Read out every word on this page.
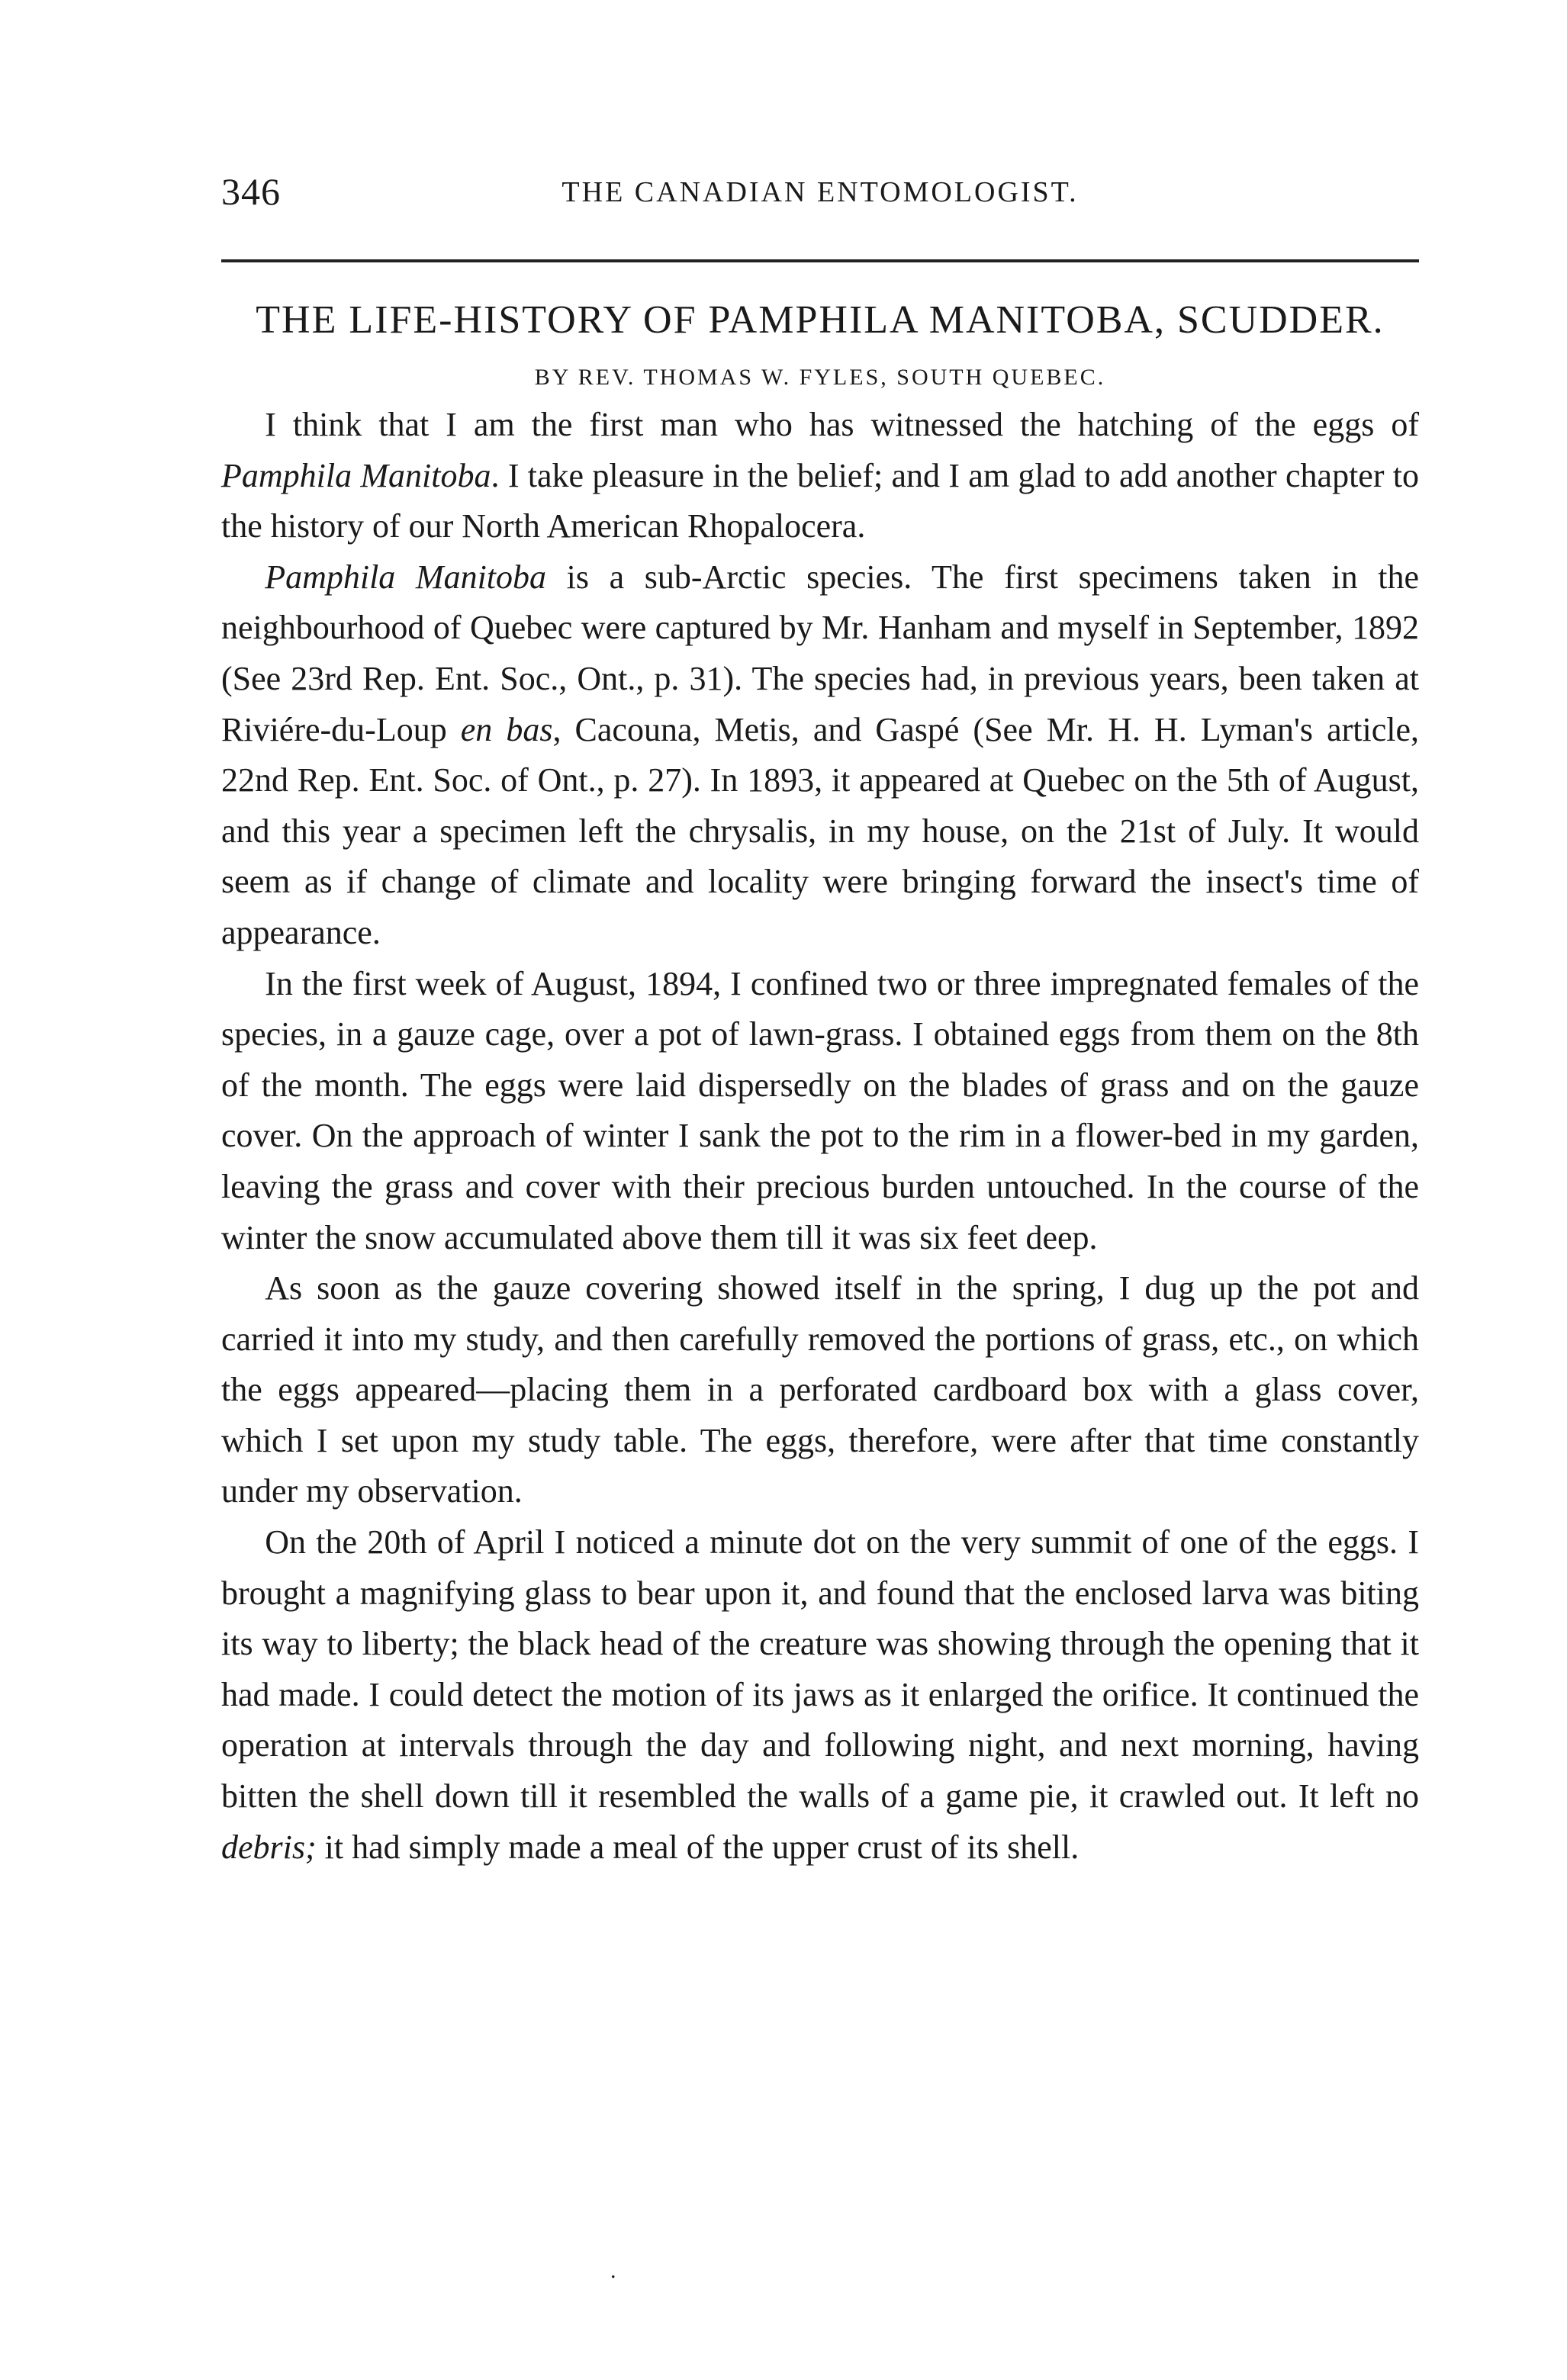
346	THE CANADIAN ENTOMOLOGIST.
THE LIFE-HISTORY OF PAMPHILA MANITOBA, SCUDDER.
BY REV. THOMAS W. FYLES, SOUTH QUEBEC.

I think that I am the first man who has witnessed the hatching of the eggs of Pamphila Manitoba. I take pleasure in the belief; and I am glad to add another chapter to the history of our North American Rhopalocera.

Pamphila Manitoba is a sub-Arctic species. The first specimens taken in the neighbourhood of Quebec were captured by Mr. Hanham and myself in September, 1892 (See 23rd Rep. Ent. Soc., Ont., p. 31). The species had, in previous years, been taken at Riviére-du-Loup en bas, Cacouna, Metis, and Gaspé (See Mr. H. H. Lyman's article, 22nd Rep. Ent. Soc. of Ont., p. 27). In 1893, it appeared at Quebec on the 5th of August, and this year a specimen left the chrysalis, in my house, on the 21st of July. It would seem as if change of climate and locality were bringing forward the insect's time of appearance.

In the first week of August, 1894, I confined two or three impregnated females of the species, in a gauze cage, over a pot of lawn-grass. I obtained eggs from them on the 8th of the month. The eggs were laid dispersedly on the blades of grass and on the gauze cover. On the approach of winter I sank the pot to the rim in a flower-bed in my garden, leaving the grass and cover with their precious burden untouched. In the course of the winter the snow accumulated above them till it was six feet deep.

As soon as the gauze covering showed itself in the spring, I dug up the pot and carried it into my study, and then carefully removed the portions of grass, etc., on which the eggs appeared—placing them in a perforated cardboard box with a glass cover, which I set upon my study table. The eggs, therefore, were after that time constantly under my observation.

On the 20th of April I noticed a minute dot on the very summit of one of the eggs. I brought a magnifying glass to bear upon it, and found that the enclosed larva was biting its way to liberty; the black head of the creature was showing through the opening that it had made. I could detect the motion of its jaws as it enlarged the orifice. It continued the operation at intervals through the day and following night, and next morning, having bitten the shell down till it resembled the walls of a game pie, it crawled out. It left no debris; it had simply made a meal of the upper crust of its shell.

.
